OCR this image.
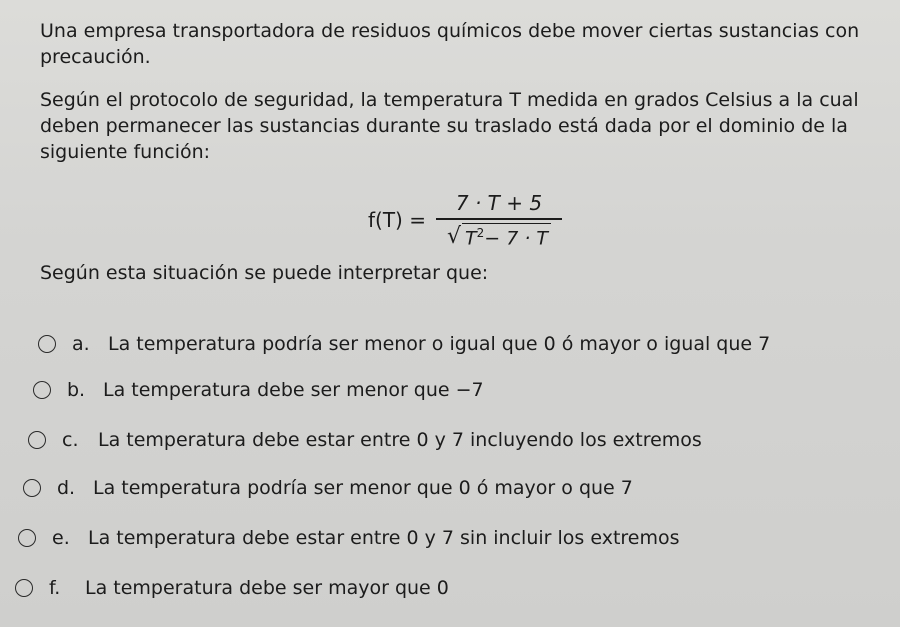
Una empresa transportadora de residuos químicos debe mover ciertas sustancias con precaución.

Según el protocolo de seguridad, la temperatura T medida en grados Celsius a la cual deben permanecer las sustancias durante su traslado está dada por el dominio de la siguiente función:

$f(T) = \frac{7 \cdot T + 5}{√ T^2- 7 \cdot T}$

Según esta situación se puede interpretar que:

a. La temperatura podría ser menor o igual que 0 ó mayor o igual que 7
b. La temperatura debe ser menor que −7
c.	La temperatura debe estar entre 0 y 7 incluyendo los extremos
d. La temperatura podría ser menor que 0 ó mayor o que 7
e. La temperatura debe estar entre 0 y 7 sin incluir los extremos
f.	La temperatura debe ser mayor que 0
